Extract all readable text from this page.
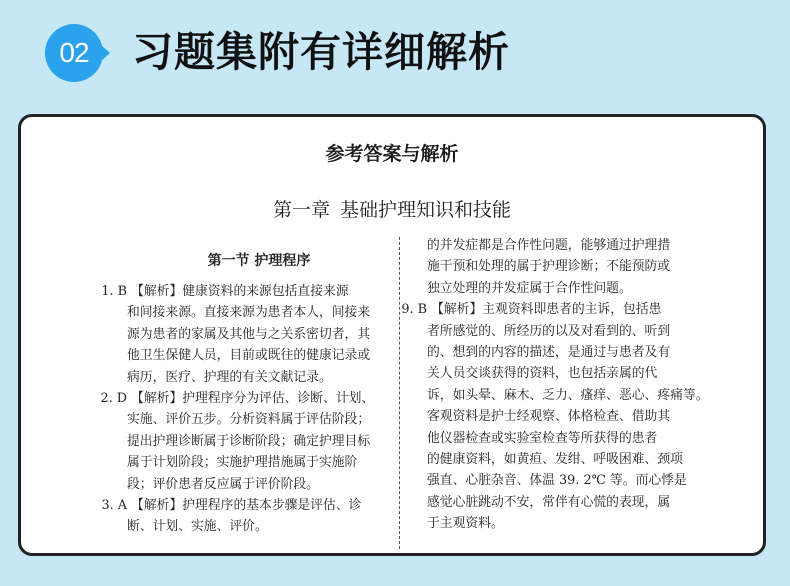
02	习题集附有详细解析
参考答案与解析
第一章 基础护理知识和技能
第一节 护理程序
1. B 【解析】健康资料的来源包括直接来源
和间接来源。直接来源为患者本人，间接来
源为患者的家属及其他与之关系密切者，其
他卫生保健人员，目前或既往的健康记录或
病历，医疗、护理的有关文献记录。
2. D 【解析】护理程序分为评估、诊断、计划、
实施、评价五步。分析资料属于评估阶段；
提出护理诊断属于诊断阶段；确定护理目标
属于计划阶段；实施护理措施属于实施阶
段；评价患者反应属于评价阶段。
3. A 【解析】护理程序的基本步骤是评估、诊
断、计划、实施、评价。
的并发症都是合作性问题，能够通过护理措
施干预和处理的属于护理诊断；不能预防或
独立处理的并发症属于合作性问题。
9. B 【解析】主观资料即患者的主诉，包括患
者所感觉的、所经历的以及对看到的、听到
的、想到的内容的描述，是通过与患者及有
关人员交谈获得的资料，也包括亲属的代
诉，如头晕、麻木、乏力、瘙痒、恶心、疼痛等。
客观资料是护士经观察、体格检查、借助其
他仪器检查或实验室检查等所获得的患者
的健康资料，如黄疸、发绀、呼吸困难、颈项
强直、心脏杂音、体温 39. 2℃ 等。而心悸是
感觉心脏跳动不安，常伴有心慌的表现，属
于主观资料。
